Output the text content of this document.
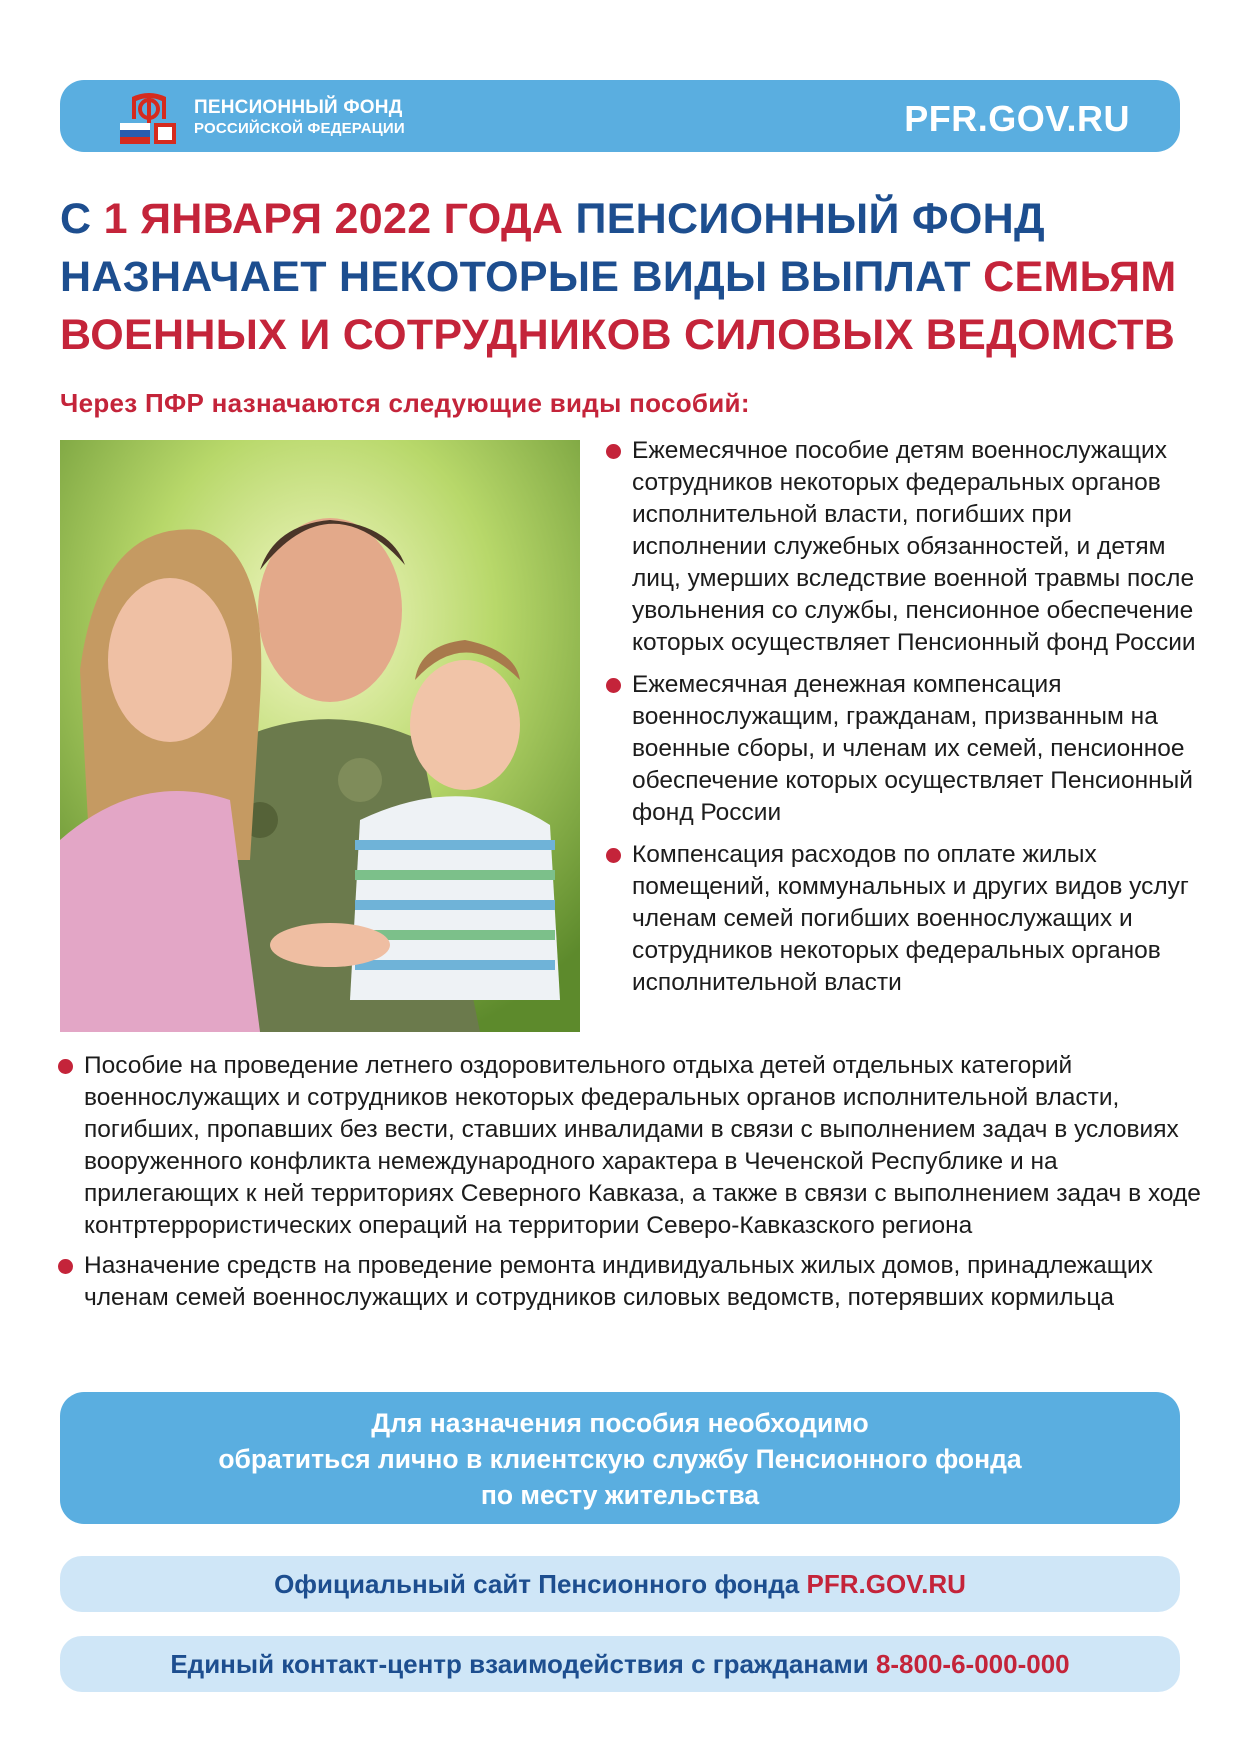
ПЕНСИОННЫЙ ФОНД
РОССИЙСКОЙ ФЕДЕРАЦИИ	PFR.GOV.RU
С 1 ЯНВАРЯ 2022 ГОДА ПЕНСИОННЫЙ ФОНД НАЗНАЧАЕТ НЕКОТОРЫЕ ВИДЫ ВЫПЛАТ СЕМЬЯМ ВОЕННЫХ И СОТРУДНИКОВ СИЛОВЫХ ВЕДОМСТВ
Через ПФР назначаются следующие виды пособий:
Ежемесячное пособие детям военнослужащих сотрудников некоторых федеральных органов исполнительной власти, погибших при исполнении служебных обязанностей, и детям лиц, умерших вследствие военной травмы после увольнения со службы, пенсионное обеспечение которых осуществляет Пенсионный фонд России
Ежемесячная денежная компенсация военнослужащим, гражданам, призванным на военные сборы, и членам их семей, пенсионное обеспечение которых осуществляет Пенсионный фонд России
Компенсация расходов по оплате жилых помещений, коммунальных и других видов услуг членам семей погибших военнослужащих и сотрудников некоторых федеральных органов исполнительной власти
Пособие на проведение летнего оздоровительного отдыха детей отдельных категорий военнослужащих и сотрудников некоторых федеральных органов исполнительной власти, погибших, пропавших без вести, ставших инвалидами в связи с выполнением задач в условиях вооруженного конфликта немеждународного характера в Чеченской Республике и на прилегающих к ней территориях Северного Кавказа, а также в связи с выполнением задач в ходе контртеррористических операций на территории Северо-Кавказского региона
Назначение средств на проведение ремонта индивидуальных жилых домов, принадлежащих членам семей военнослужащих и сотрудников силовых ведомств, потерявших кормильца
Для назначения пособия необходимо
обратиться лично в клиентскую службу Пенсионного фонда
по месту жительства
Официальный сайт Пенсионного фонда PFR.GOV.RU
Единый контакт-центр взаимодействия с гражданами 8-800-6-000-000
